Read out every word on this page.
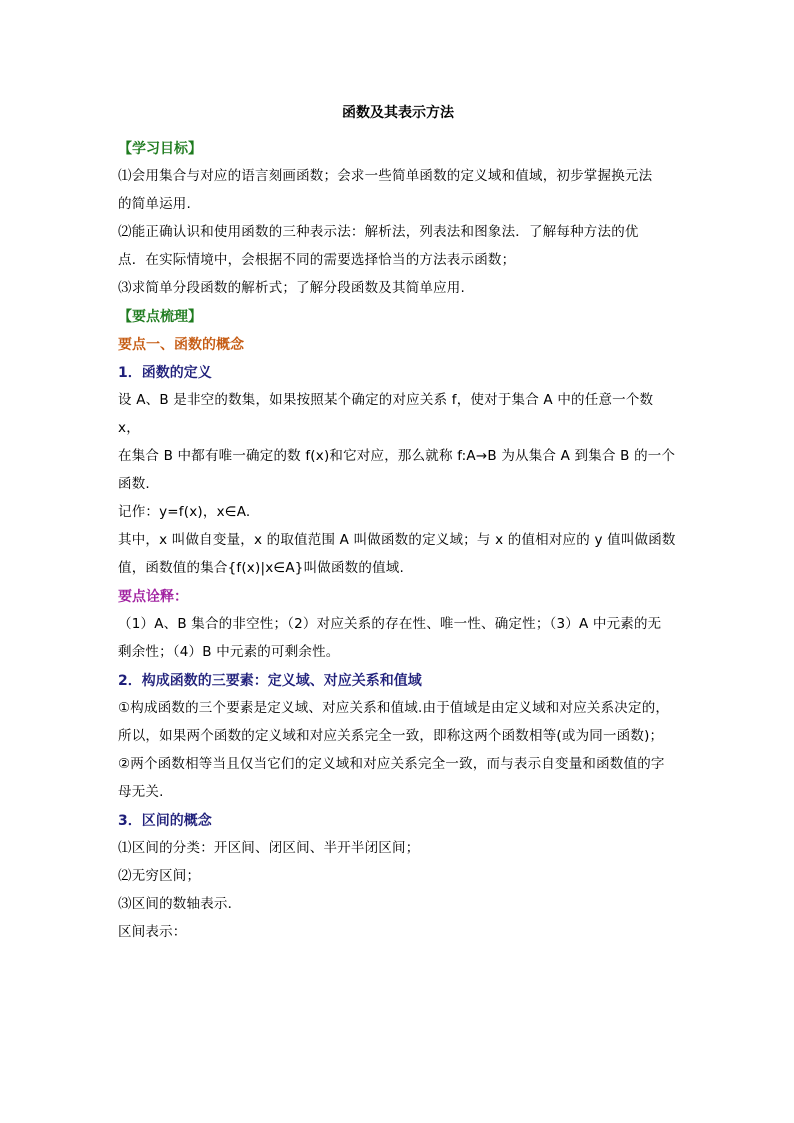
函数及其表示方法
【学习目标】

⑴会用集合与对应的语言刻画函数；会求一些简单函数的定义域和值域，初步掌握换元法

的简单运用.

⑵能正确认识和使用函数的三种表示法：解析法，列表法和图象法．了解每种方法的优

点．在实际情境中，会根据不同的需要选择恰当的方法表示函数；

⑶求简单分段函数的解析式；了解分段函数及其简单应用.

【要点梳理】
要点一、函数的概念
1．函数的定义

设 A、B 是非空的数集，如果按照某个确定的对应关系 f，使对于集合 A 中的任意一个数 x，

在集合 B 中都有唯一确定的数 f(x)和它对应，那么就称 f:A→B 为从集合 A 到集合 B 的一个

函数.

记作：y=f(x)，x∈A.

其中，x 叫做自变量，x 的取值范围 A 叫做函数的定义域；与 x 的值相对应的 y 值叫做函数

值，函数值的集合{f(x)|x∈A}叫做函数的值域.

要点诠释：

（1）A、B 集合的非空性；（2）对应关系的存在性、唯一性、确定性；（3）A 中元素的无

剩余性；（4）B 中元素的可剩余性。

2．构成函数的三要素：定义域、对应关系和值域

①构成函数的三个要素是定义域、对应关系和值域.由于值域是由定义域和对应关系决定的，

所以，如果两个函数的定义域和对应关系完全一致，即称这两个函数相等(或为同一函数)；

②两个函数相等当且仅当它们的定义域和对应关系完全一致，而与表示自变量和函数值的字

母无关.

3．区间的概念

⑴区间的分类：开区间、闭区间、半开半闭区间；

⑵无穷区间；

⑶区间的数轴表示．

区间表示：
